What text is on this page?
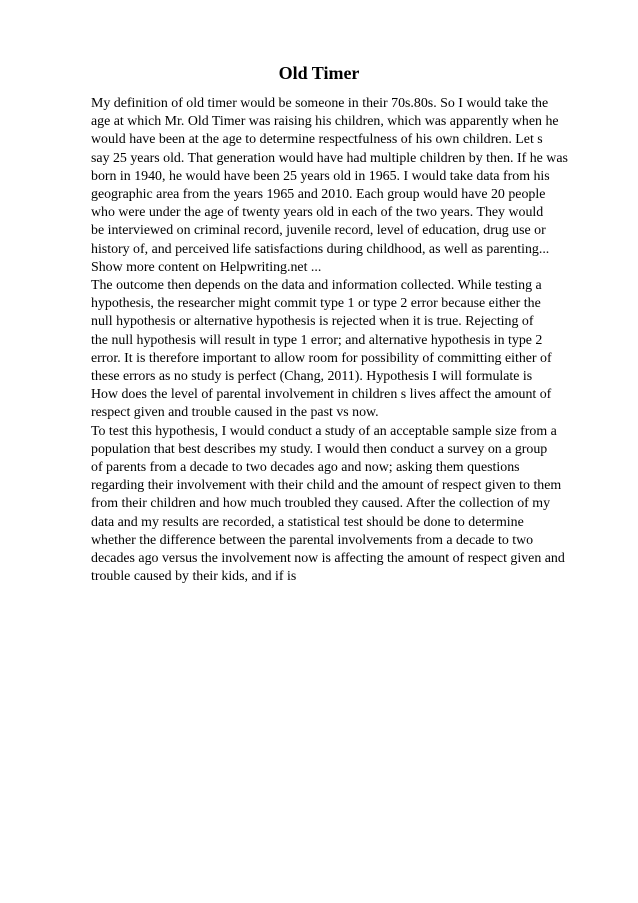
Old Timer
My definition of old timer would be someone in their 70s.80s. So I would take the
age at which Mr. Old Timer was raising his children, which was apparently when he
would have been at the age to determine respectfulness of his own children. Let s
say 25 years old. That generation would have had multiple children by then. If he was
born in 1940, he would have been 25 years old in 1965. I would take data from his
geographic area from the years 1965 and 2010. Each group would have 20 people
who were under the age of twenty years old in each of the two years. They would
be interviewed on criminal record, juvenile record, level of education, drug use or
history of, and perceived life satisfactions during childhood, as well as parenting...
Show more content on Helpwriting.net ...
The outcome then depends on the data and information collected. While testing a
hypothesis, the researcher might commit type 1 or type 2 error because either the
null hypothesis or alternative hypothesis is rejected when it is true. Rejecting of
the null hypothesis will result in type 1 error; and alternative hypothesis in type 2
error. It is therefore important to allow room for possibility of committing either of
these errors as no study is perfect (Chang, 2011). Hypothesis I will formulate is
How does the level of parental involvement in children s lives affect the amount of
respect given and trouble caused in the past vs now.
To test this hypothesis, I would conduct a study of an acceptable sample size from a
population that best describes my study. I would then conduct a survey on a group
of parents from a decade to two decades ago and now; asking them questions
regarding their involvement with their child and the amount of respect given to them
from their children and how much troubled they caused. After the collection of my
data and my results are recorded, a statistical test should be done to determine
whether the difference between the parental involvements from a decade to two
decades ago versus the involvement now is affecting the amount of respect given and
trouble caused by their kids, and if is
